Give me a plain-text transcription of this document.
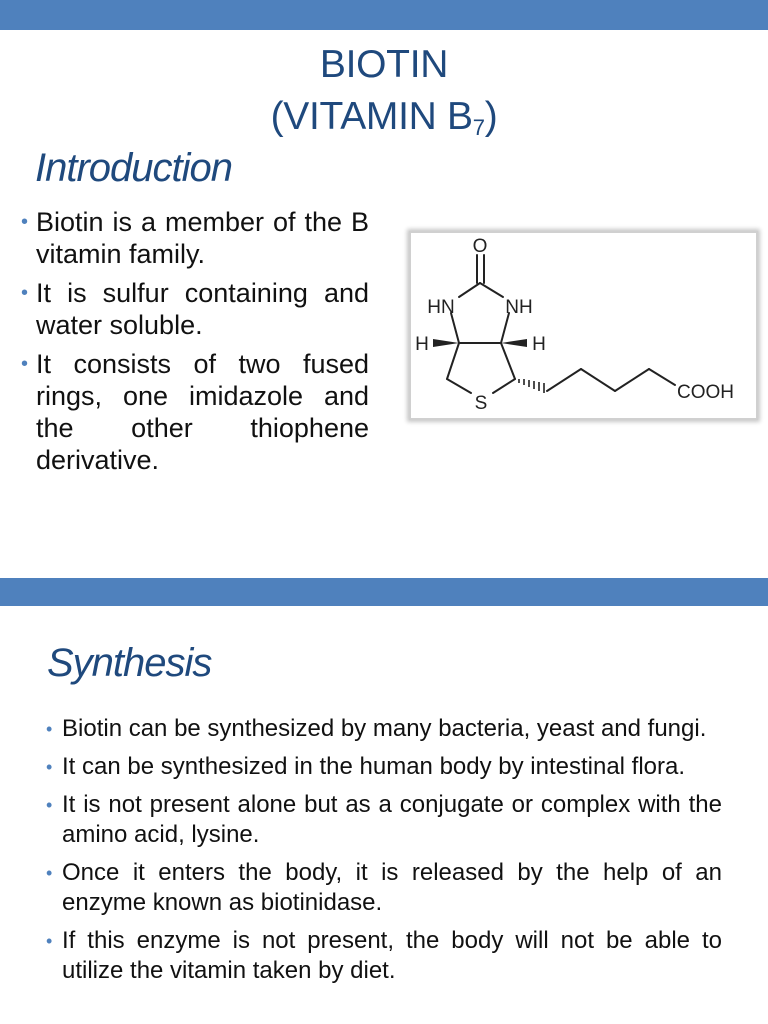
BIOTIN
(VITAMIN $B_7$)
Introduction
• Biotin is a member of the B vitamin family.
• It is sulfur containing and water soluble.
• It consists of two fused rings, one imidazole and the other thiophene derivative.
O
HN	NH
H	H
S
COOH
Synthesis
• Biotin can be synthesized by many bacteria, yeast and fungi.
• It can be synthesized in the human body by intestinal flora.
• It is not present alone but as a conjugate or complex with the amino acid, lysine.
• Once it enters the body, it is released by the help of an enzyme known as biotinidase.
• If this enzyme is not present, the body will not be able to utilize the vitamin taken by diet.
